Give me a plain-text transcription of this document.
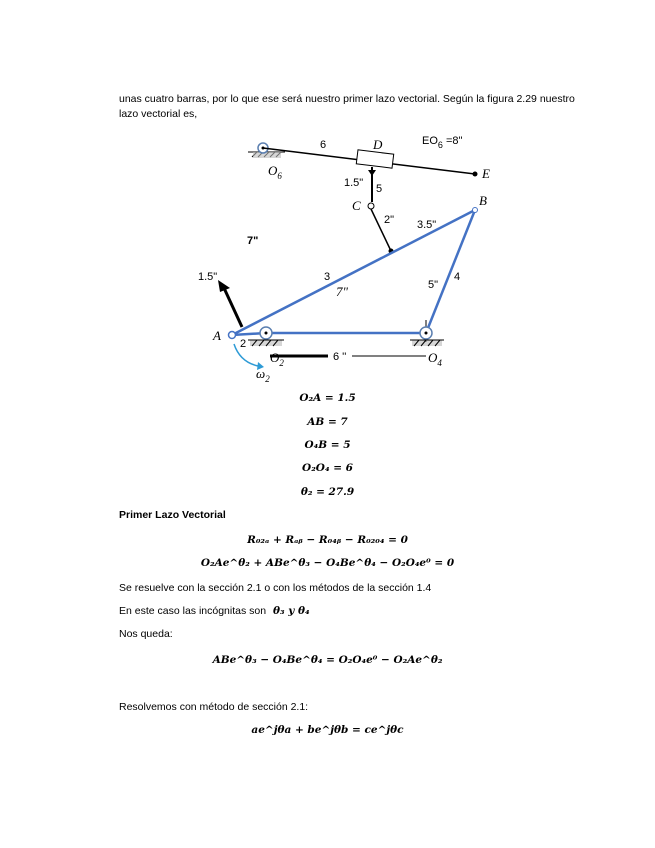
unas cuatro barras, por lo que ese será nuestro primer lazo vectorial. Según la figura 2.29 nuestro
lazo vectorial es,
6	D	$EO_6 =8$"
E
$O_6$
1.5" 5
C
2" 3.5"
B
7"
1.5"	3
7"
4
5"
A
2
$O_2$	6 ''	$O_4$
$\omega_2$
O₂A = 1.5
AB = 7
O₄B = 5
O₂O₄ = 6
θ₂ = 27.9
Primer Lazo Vectorial
R₀₂ₐ + Rₐᵦ − R₀₄ᵦ − R₀₂₀₄ = 0
O₂Ae^θ₂ + ABe^θ₃ − O₄Be^θ₄ − O₂O₄e⁰ = 0
Se resuelve con la sección 2.1 o con los métodos de la sección 1.4
En este caso las incógnitas son θ₃ y θ₄
Nos queda:
ABe^θ₃ − O₄Be^θ₄ = O₂O₄e⁰ − O₂Ae^θ₂
Resolvemos con método de sección 2.1:
ae^jθa + be^jθb = ce^jθc
